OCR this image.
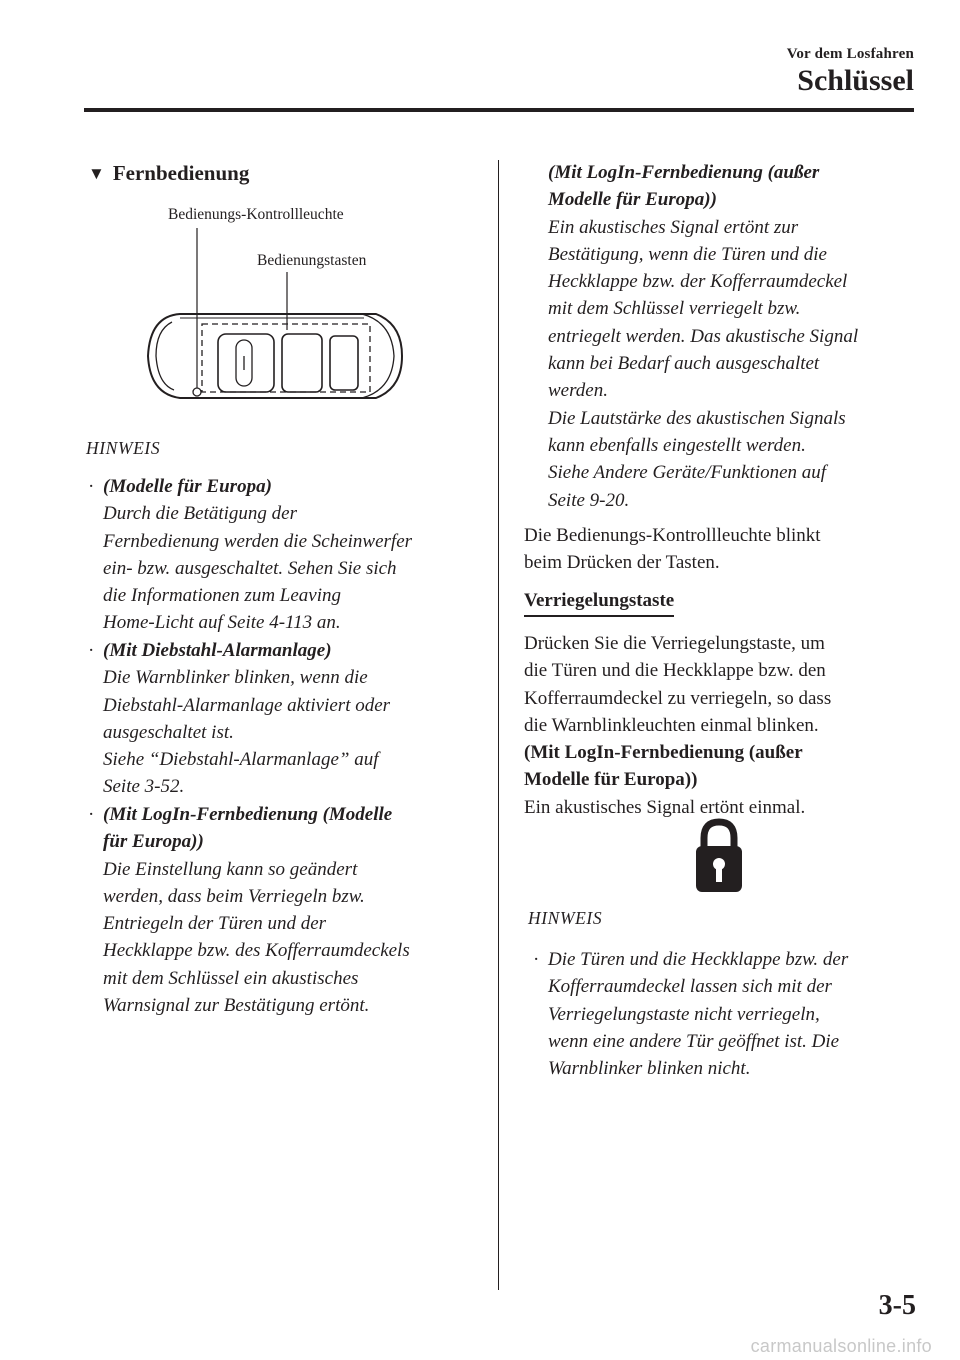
Vor dem Losfahren
Schlüssel
▼ Fernbedienung
Bedienungs-Kontrollleuchte
Bedienungstasten
HINWEIS
· (Modelle für Europa)
Durch die Betätigung der
Fernbedienung werden die Scheinwerfer
ein- bzw. ausgeschaltet. Sehen Sie sich
die Informationen zum Leaving
Home-Licht auf Seite 4-113 an.
· (Mit Diebstahl-Alarmanlage)
Die Warnblinker blinken, wenn die
Diebstahl-Alarmanlage aktiviert oder
ausgeschaltet ist.
Siehe “Diebstahl-Alarmanlage” auf
Seite 3-52.
· (Mit LogIn-Fernbedienung (Modelle
für Europa))
Die Einstellung kann so geändert
werden, dass beim Verriegeln bzw.
Entriegeln der Türen und der
Heckklappe bzw. des Kofferraumdeckels
mit dem Schlüssel ein akustisches
Warnsignal zur Bestätigung ertönt.
(Mit LogIn-Fernbedienung (außer
Modelle für Europa))
Ein akustisches Signal ertönt zur
Bestätigung, wenn die Türen und die
Heckklappe bzw. der Kofferraumdeckel
mit dem Schlüssel verriegelt bzw.
entriegelt werden. Das akustische Signal
kann bei Bedarf auch ausgeschaltet
werden.
Die Lautstärke des akustischen Signals
kann ebenfalls eingestellt werden.
Siehe Andere Geräte/Funktionen auf
Seite 9-20.
Die Bedienungs-Kontrollleuchte blinkt
beim Drücken der Tasten.
Verriegelungstaste
Drücken Sie die Verriegelungstaste, um
die Türen und die Heckklappe bzw. den
Kofferraumdeckel zu verriegeln, so dass
die Warnblinkleuchten einmal blinken.
(Mit LogIn-Fernbedienung (außer
Modelle für Europa))
Ein akustisches Signal ertönt einmal.
HINWEIS
· Die Türen und die Heckklappe bzw. der
Kofferraumdeckel lassen sich mit der
Verriegelungstaste nicht verriegeln,
wenn eine andere Tür geöffnet ist. Die
Warnblinker blinken nicht.
3-5
carmanualsonline.info
